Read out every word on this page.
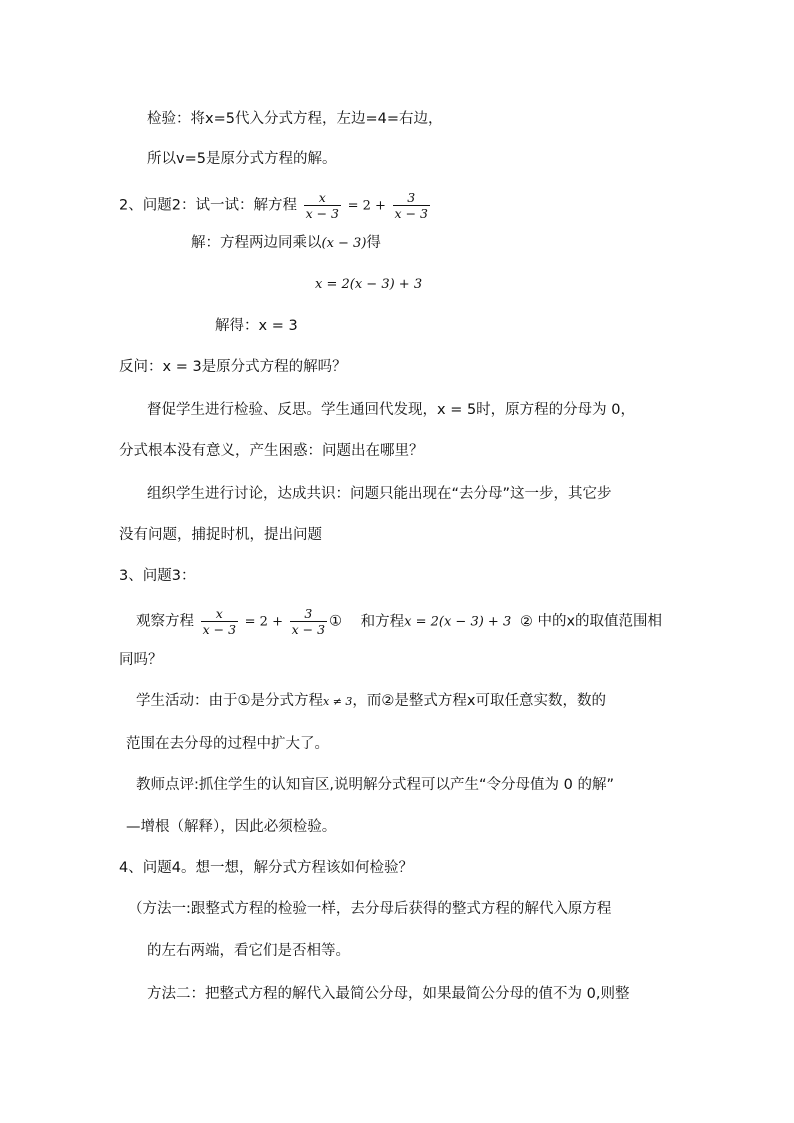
检验：将x=5代入分式方程，左边=4=右边，
所以v=5是原分式方程的解。
2、问题2：试一试：解方程 $\frac{x}{x - 3} = 2 + \frac{3}{x - 3}$
解：方程两边同乘以(x − 3)得
x = 2(x − 3) + 3
解得：x = 3
反问：x = 3是原分式方程的解吗？
督促学生进行检验、反思。学生通回代发现，x = 5时，原方程的分母为 0，
分式根本没有意义，产生困惑：问题出在哪里？
组织学生进行讨论，达成共识：问题只能出现在“去分母”这一步，其它步
没有问题，捕捉时机，提出问题
3、问题3：
观察方程 $\frac{x}{x - 3} = 2 + \frac{3}{x - 3}$ ① 和方程x = 2(x − 3) + 3 ② 中的x的取值范围相
同吗？
学生活动：由于①是分式方程x ≠ 3，而②是整式方程x可取任意实数，数的
范围在去分母的过程中扩大了。
教师点评:抓住学生的认知盲区,说明解分式程可以产生“令分母值为 0 的解”
—增根（解释），因此必须检验。
4、问题4。想一想，解分式方程该如何检验？
（方法一:跟整式方程的检验一样，去分母后获得的整式方程的解代入原方程
的左右两端，看它们是否相等。
方法二：把整式方程的解代入最简公分母，如果最简公分母的值不为 0,则整
